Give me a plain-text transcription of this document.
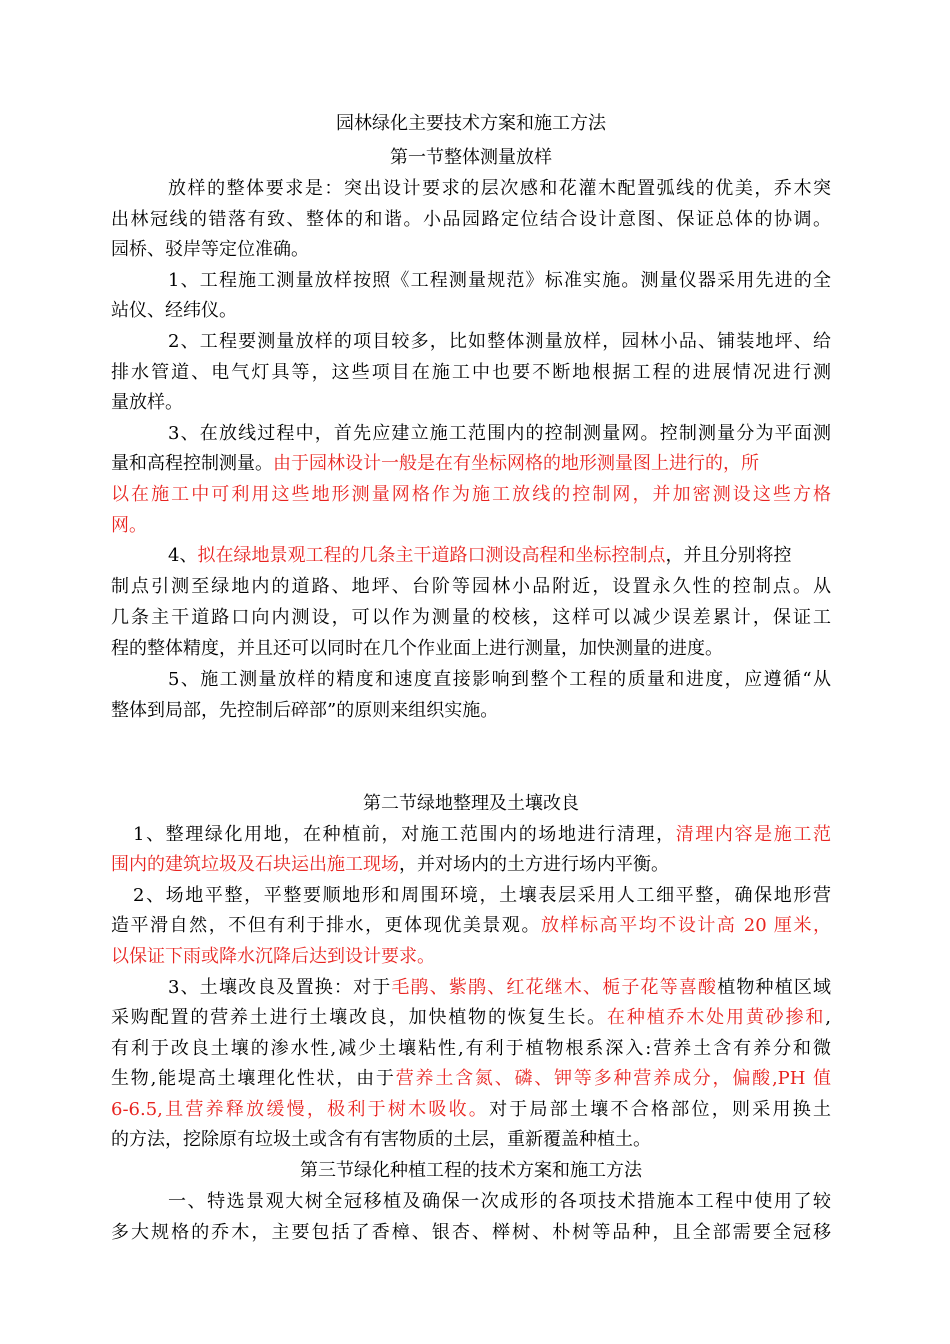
园林绿化主要技术方案和施工方法
第一节整体测量放样
放样的整体要求是：突出设计要求的层次感和花灌木配置弧线的优美，乔木突
出林冠线的错落有致、整体的和谐。小品园路定位结合设计意图、保证总体的协调。
园桥、驳岸等定位准确。
1、工程施工测量放样按照《工程测量规范》标准实施。测量仪器采用先进的全
站仪、经纬仪。
2、工程要测量放样的项目较多，比如整体测量放样，园林小品、铺装地坪、给
排水管道、电气灯具等，这些项目在施工中也要不断地根据工程的进展情况进行测
量放样。
3、在放线过程中，首先应建立施工范围内的控制测量网。控制测量分为平面测
量和高程控制测量。由于园林设计一般是在有坐标网格的地形测量图上进行的，所
以在施工中可利用这些地形测量网格作为施工放线的控制网，并加密测设这些方格
网。
4、拟在绿地景观工程的几条主干道路口测设高程和坐标控制点，并且分别将控
制点引测至绿地内的道路、地坪、台阶等园林小品附近，设置永久性的控制点。从
几条主干道路口向内测设，可以作为测量的校核，这样可以减少误差累计，保证工
程的整体精度，并且还可以同时在几个作业面上进行测量，加快测量的进度。
5、施工测量放样的精度和速度直接影响到整个工程的质量和进度，应遵循“从
整体到局部，先控制后碎部”的原则来组织实施。
第二节绿地整理及土壤改良
1、整理绿化用地，在种植前，对施工范围内的场地进行清理，清理内容是施工范
围内的建筑垃圾及石块运出施工现场，并对场内的土方进行场内平衡。
2、场地平整，平整要顺地形和周围环境，土壤表层采用人工细平整，确保地形营
造平滑自然，不但有利于排水，更体现优美景观。放样标高平均不设计高 20 厘米，
以保证下雨或降水沉降后达到设计要求。
3、土壤改良及置换：对于毛鹃、紫鹃、红花继木、栀子花等喜酸植物种植区域
采购配置的营养土进行土壤改良，加快植物的恢复生长。在种植乔木处用黄砂掺和,
有利于改良土壤的渗水性,减少土壤粘性,有利于植物根系深入:营养土含有养分和微
生物,能堤高土壤理化性状，由于营养土含氮、磷、钾等多种营养成分，偏酸,PH 值
6-6.5,且营养释放缓慢，极利于树木吸收。对于局部土壤不合格部位，则采用换土
的方法，挖除原有垃圾土或含有有害物质的土层，重新覆盖种植土。
第三节绿化种植工程的技术方案和施工方法
一、特选景观大树全冠移植及确保一次成形的各项技术措施本工程中使用了较
多大规格的乔木，主要包括了香樟、银杏、榉树、朴树等品种，且全部需要全冠移
